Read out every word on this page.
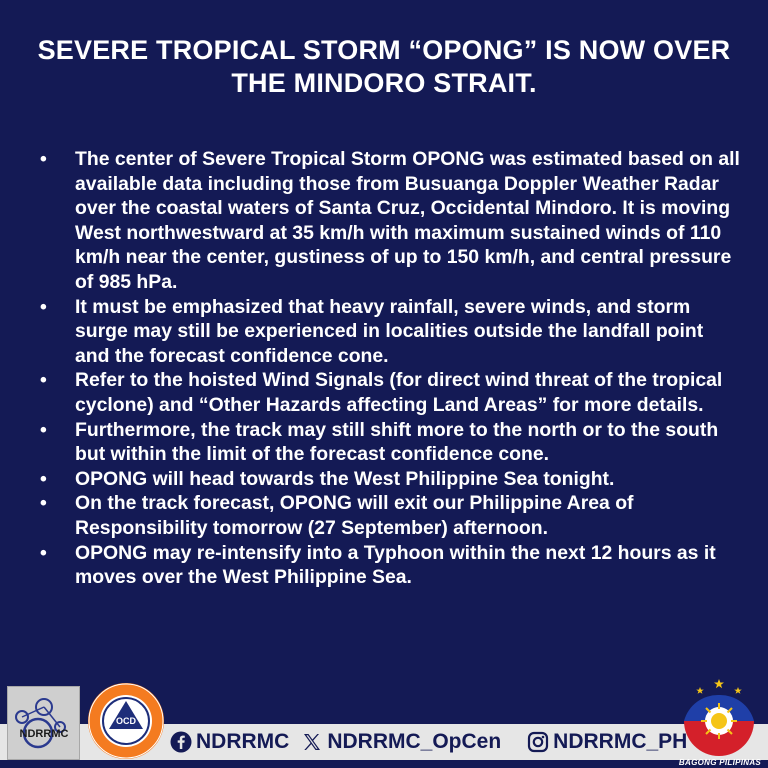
SEVERE TROPICAL STORM “OPONG” IS NOW OVER
THE MINDORO STRAIT.
• The center of Severe Tropical Storm OPONG was estimated based on all available data including those from Busuanga Doppler Weather Radar over the coastal waters of Santa Cruz, Occidental Mindoro. It is moving West northwestward at 35 km/h with maximum sustained winds of 110 km/h near the center, gustiness of up to 150 km/h, and central pressure of 985 hPa.
• It must be emphasized that heavy rainfall, severe winds, and storm surge may still be experienced in localities outside the landfall point and the forecast confidence cone.
• Refer to the hoisted Wind Signals (for direct wind threat of the tropical cyclone) and “Other Hazards affecting Land Areas” for more details.
• Furthermore, the track may still shift more to the north or to the south but within the limit of the forecast confidence cone.
• OPONG will head towards the West Philippine Sea tonight.
• On the track forecast, OPONG will exit our Philippine Area of Responsibility tomorrow (27 September) afternoon.
• OPONG may re-intensify into a Typhoon within the next 12 hours as it moves over the West Philippine Sea.
NDRRMC
OCD
NDRRMC NDRRMC_OpCen NDRRMC_PH
BAGONG PILIPINAS
